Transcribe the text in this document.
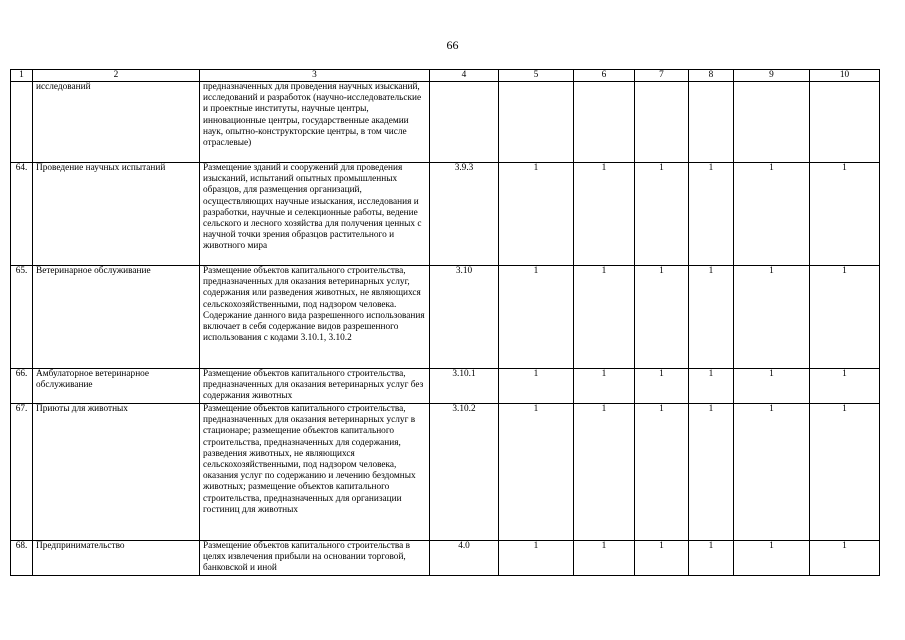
66
1	2	3	4	5	6	7	8	9	10
	исследований	предназначенных для проведения научных изысканий, исследований и разработок (научно-исследовательские и проектные институты, научные центры, инновационные центры, государственные академии наук, опытно-конструкторские центры, в том числе отраслевые)							
64.	Проведение научных испытаний	Размещение зданий и сооружений для проведения изысканий, испытаний опытных промышленных образцов, для размещения организаций, осуществляющих научные изыскания, исследования и разработки, научные и селекционные работы, ведение сельского и лесного хозяйства для получения ценных с научной точки зрения образцов растительного и животного мира	3.9.3	1	1	1	1	1	1
65.	Ветеринарное обслуживание	Размещение объектов капитального строительства, предназначенных для оказания ветеринарных услуг, содержания или разведения животных, не являющихся сельскохозяйственными, под надзором человека. Содержание данного вида разрешенного использования включает в себя содержание видов разрешенного использования с кодами 3.10.1, 3.10.2	3.10	1	1	1	1	1	1
66.	Амбулаторное ветеринарное обслуживание	Размещение объектов капитального строительства, предназначенных для оказания ветеринарных услуг без содержания животных	3.10.1	1	1	1	1	1	1
67.	Приюты для животных	Размещение объектов капитального строительства, предназначенных для оказания ветеринарных услуг в стационаре; размещение объектов капитального строительства, предназначенных для содержания, разведения животных, не являющихся сельскохозяйственными, под надзором человека, оказания услуг по содержанию и лечению бездомных животных; размещение объектов капитального строительства, предназначенных для организации гостиниц для животных	3.10.2	1	1	1	1	1	1
68.	Предпринимательство	Размещение объектов капитального строительства в целях извлечения прибыли на основании торговой, банковской и иной	4.0	1	1	1	1	1	1
